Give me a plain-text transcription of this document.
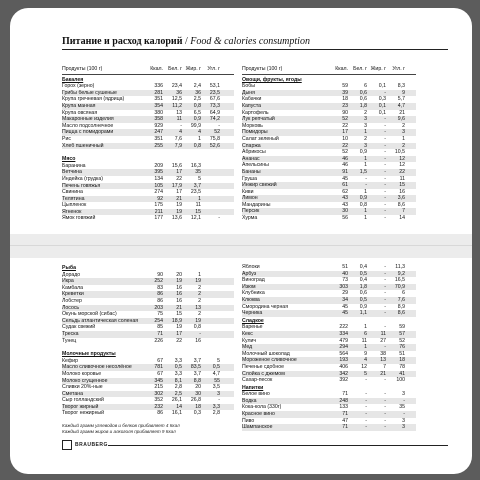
Питание и расход калорий / Food & calories consumption
Продукты (100 г)	Ккал. Бел. г Жир. г	Угл. г
Бакалея
Горох (зерно)	336	23,4	2,4	53,1
Грибы белые сушеные	281	36	36	23,5
Крупа гречневая (ядрица)	351	12,5	2,5	67,6
Крупа манная	354	11,2	0,8	73,3
Крупа овсяная	380	13	6,5	64,9
Макаронные изделия	358	11	0,9	74,2
Масло подсолнечное	929	-	99,9	-
Пицца с помидорами	247	4	4	52
Рис	351	7,6	1	75,8
Хлеб пшеничный	255	7,9	0,8	52,6
Мясо
Баранина	209	15,6	16,3
Ветчина	395	17	35
Индейка (грудка)	134	22	5
Печень говяжья	105	17,9	3,7
Свинина	274	17	23,5
Телятина	92	21	1
Цыпленок	175	19	11
Ягненок	211	19	15
Ямок говяжий	177	13,6	12,1	-
Продукты (100 г)	Ккал. Бел. г Жир. г	Угл. г
Овощи, фрукты, ягоды
Бобы	59	6	0,1	8,3
Дыня	39	0,6	-	9
Кабачки	18	0,6	0,3	5,7
Капуста	23	1,8	0,1	4,7
Картофель	90	2	0,1	21
Лук репчатый	52	3	-	9,6
Морковь	22	3	-	2
Помидоры	17	1	-	3
Салат зеленый	10	2	-	1
Спаржа	22	3	-	2
Абрикосы	52	0,9	-	10,5
Ананас	46	1	-	12
Апельсины	46	1	-	12
Бананы	91	1,5	-	22
Груша	45	-	-	11
Инжир свежий	61	-	-	15
Киви	62	1	-	16
Лимон	43	0,9	-	3,6
Мандарины	43	0,8	-	8,6
Персик	30	1	-	7
Хурма	56	1	-	14
Рыба
Дорадо	90	20	1
Икра	252	19	19
Камбала	83	16	2
Креветки	86	16	2
Лобстер	86	16	2
Лосось	203	21	13
Окунь морской (сибас)	75	15	2
Сельдь атлантическая соленая	254	18,9	19
Судак свежий	85	19	0,8
Треска	71	17	-
Тунец	226	22	16
Молочные продукты
Кефир	67	3,3	3,7	5
Масло сливочное несолёное	781	0,5	83,5	0,5
Молоко коровье	67	3,3	3,7	4,7
Молоко сгущенное	345	8,1	8,8	55
Сливки 20%-ные	215	2,8	20	3,5
Сметана	302	2,5	30	3
Сыр голландский	352	26,1	26,8	-
Творог жирный	232	14	18	3,3
Творог нежирный	86	16,1	0,3	2,8
Яблоки	51	0,4	-	11,3
Арбуз	40	0,5	-	9,2
Виноград	73	0,4	-	16,5
Изюм	303	1,8	-	70,9
Клубника	29	0,6	-	6
Клюква	34	0,5	-	7,6
Смородина черная	45	0,9	-	8,9
Черника	45	1,1	-	8,6
Сладкое
Варенье	222	1	-	59
Кекс	334	6	11	57
Кулич	479	11	27	52
Мед	294	1	-	76
Молочный шоколад	564	9	38	51
Мороженое сливочное	193	4	13	18
Печенье сдобное	406	12	7	78
Слойка с джемом	342	5	21	41
Сахар-песок	392	-	-	100
Напитки
Белое вино	71	-	-	3
Водка	248	-	-	-
Кока-кола (330г)	133	-	-	35
Красное вино	71	-	-	-
Пиво	47	-	-	3
Шампанское	71	-	-	3
Каждый грамм углеводов и белков прибавляет 4 Ккал
Каждый грамм жиров и алкоголя прибавляет 9 Ккал
BRAUBERG
